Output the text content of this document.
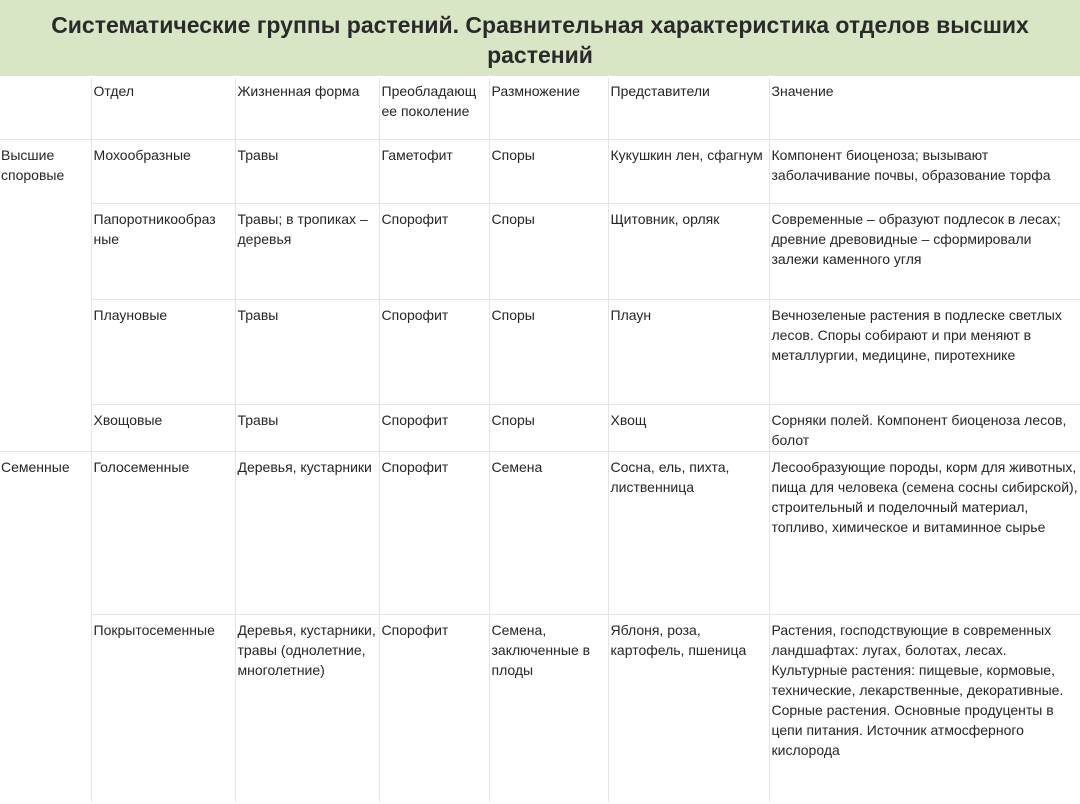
Систематические группы растений. Сравнительная характеристика отделов высших растений
	Отдел	Жизненная форма	Преобладающ ее поколение	Размножение	Представители	Значение
Высшие споровые	Мохообразные	Травы	Гаметофит	Споры	Кукушкин лен, сфагнум	Компонент биоценоза; вызывают заболачивание почвы, образование торфа
	Папоротникообраз ные	Травы; в тропиках – деревья	Спорофит	Споры	Щитовник, орляк	Современные – образуют подлесок в лесах; древние древовидные – сформировали залежи каменного угля
	Плауновые	Травы	Спорофит	Споры	Плаун	Вечнозеленые растения в подлеске светлых лесов. Споры собирают и при меняют в металлургии, медицине, пиротехнике
	Хвощовые	Травы	Спорофит	Споры	Хвощ	Сорняки полей. Компонент биоценоза лесов, болот
Семенные	Голосеменные	Деревья, кустарники	Спорофит	Семена	Сосна, ель, пихта, лиственница	Лесообразующие породы, корм для животных, пища для человека (семена сосны сибирской), строительный и поделочный материал, топливо, химическое и витаминное сырье
	Покрытосеменные	Деревья, кустарники, травы (однолетние, многолетние)	Спорофит	Семена, заключенные в плоды	Яблоня, роза, картофель, пшеница	Растения, господствующие в современных ландшафтах: лугах, болотах, лесах. Культурные растения: пищевые, кормовые, технические, лекарственные, декоративные. Сорные растения. Основные продуценты в цепи питания. Источник атмосферного кислорода
